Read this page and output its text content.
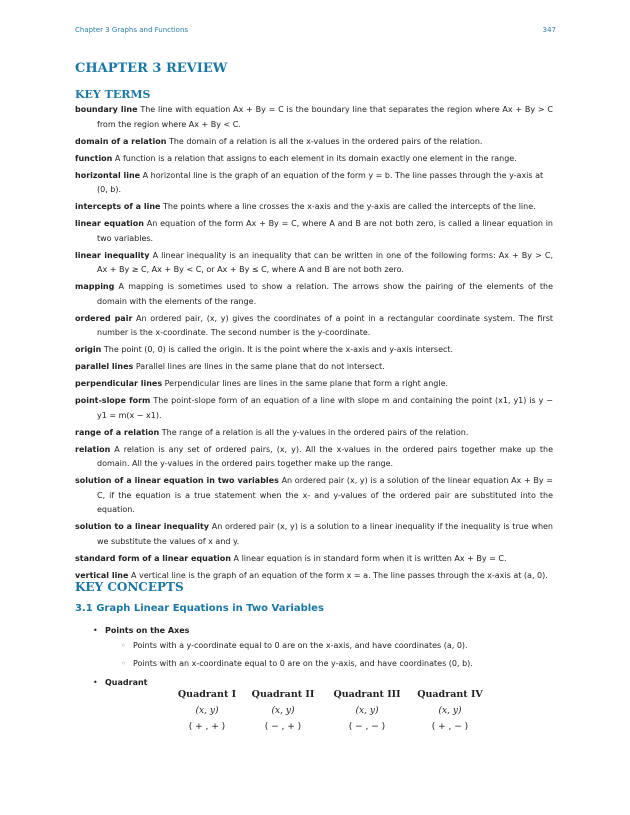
Chapter 3 Graphs and Functions	347
CHAPTER 3 REVIEW
KEY TERMS
boundary line The line with equation Ax + By = C is the boundary line that separates the region where Ax + By > C from the region where Ax + By < C.
domain of a relation The domain of a relation is all the x-values in the ordered pairs of the relation.
function A function is a relation that assigns to each element in its domain exactly one element in the range.
horizontal line A horizontal line is the graph of an equation of the form y = b. The line passes through the y-axis at (0, b).
intercepts of a line The points where a line crosses the x-axis and the y-axis are called the intercepts of the line.
linear equation An equation of the form Ax + By = C, where A and B are not both zero, is called a linear equation in two variables.
linear inequality A linear inequality is an inequality that can be written in one of the following forms: Ax + By > C, Ax + By ≥ C, Ax + By < C, or Ax + By ≤ C, where A and B are not both zero.
mapping A mapping is sometimes used to show a relation. The arrows show the pairing of the elements of the domain with the elements of the range.
ordered pair An ordered pair, (x, y) gives the coordinates of a point in a rectangular coordinate system. The first number is the x-coordinate. The second number is the y-coordinate.
origin The point (0, 0) is called the origin. It is the point where the x-axis and y-axis intersect.
parallel lines Parallel lines are lines in the same plane that do not intersect.
perpendicular lines Perpendicular lines are lines in the same plane that form a right angle.
point-slope form The point-slope form of an equation of a line with slope m and containing the point (x1, y1) is y − y1 = m(x − x1).
range of a relation The range of a relation is all the y-values in the ordered pairs of the relation.
relation A relation is any set of ordered pairs, (x, y). All the x-values in the ordered pairs together make up the domain. All the y-values in the ordered pairs together make up the range.
solution of a linear equation in two variables An ordered pair (x, y) is a solution of the linear equation Ax + By = C, if the equation is a true statement when the x- and y-values of the ordered pair are substituted into the equation.
solution to a linear inequality An ordered pair (x, y) is a solution to a linear inequality if the inequality is true when we substitute the values of x and y.
standard form of a linear equation A linear equation is in standard form when it is written Ax + By = C.
vertical line A vertical line is the graph of an equation of the form x = a. The line passes through the x-axis at (a, 0).
KEY CONCEPTS
3.1 Graph Linear Equations in Two Variables
• Points on the Axes
◦ Points with a y-coordinate equal to 0 are on the x-axis, and have coordinates (a, 0).
◦ Points with an x-coordinate equal to 0 are on the y-axis, and have coordinates (0, b).
• Quadrant
Quadrant I
(x, y)
( + , + )
Quadrant II
(x, y)
( − , + )
Quadrant III
(x, y)
( − , − )
Quadrant IV
(x, y)
( + , − )
